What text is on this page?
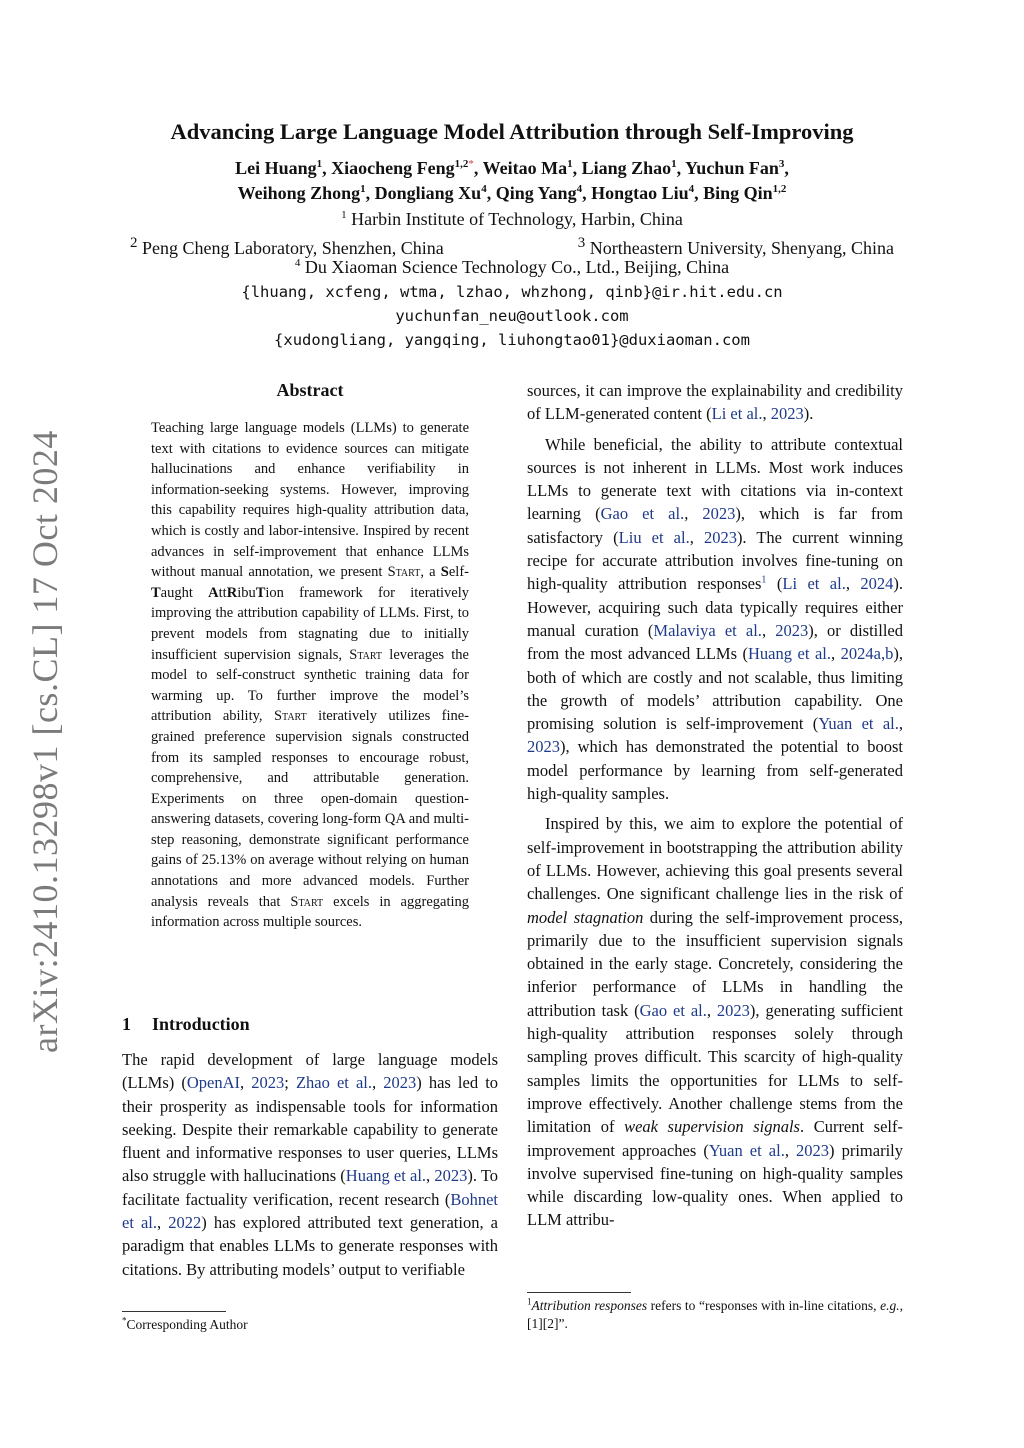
arXiv:2410.13298v1 [cs.CL] 17 Oct 2024
Advancing Large Language Model Attribution through Self-Improving
Lei Huang$^1$, Xiaocheng Feng$^{1,2*}$, Weitao Ma$^1$, Liang Zhao$^1$, Yuchun Fan$^3$,
Weihong Zhong$^1$, Dongliang Xu$^4$, Qing Yang$^4$, Hongtao Liu$^4$, Bing Qin$^{1,2}$
$^1$ Harbin Institute of Technology, Harbin, China
$^2$ Peng Cheng Laboratory, Shenzhen, China	$^3$ Northeastern University, Shenyang, China
$^4$ Du Xiaoman Science Technology Co., Ltd., Beijing, China
{lhuang, xcfeng, wtma, lzhao, whzhong, qinb}@ir.hit.edu.cn
yuchunfan_neu@outlook.com
{xudongliang, yangqing, liuhongtao01}@duxiaoman.com
Abstract
Teaching large language models (LLMs) to generate text with citations to evidence sources can mitigate hallucinations and enhance verifiability in information-seeking systems. However, improving this capability requires high-quality attribution data, which is costly and labor-intensive. Inspired by recent advances in self-improvement that enhance LLMs without manual annotation, we present Start, a Self-Taught AttRibuTion framework for iteratively improving the attribution capability of LLMs. First, to prevent models from stagnating due to initially insufficient supervision signals, Start leverages the model to self-construct synthetic training data for warming up. To further improve the model’s attribution ability, Start iteratively utilizes fine-grained preference supervision signals constructed from its sampled responses to encourage robust, comprehensive, and attributable generation. Experiments on three open-domain question-answering datasets, covering long-form QA and multi-step reasoning, demonstrate significant performance gains of 25.13% on average without relying on human annotations and more advanced models. Further analysis reveals that Start excels in aggregating information across multiple sources.
1 Introduction
The rapid development of large language models (LLMs) (OpenAI, 2023; Zhao et al., 2023) has led to their prosperity as indispensable tools for information seeking. Despite their remarkable capability to generate fluent and informative responses to user queries, LLMs also struggle with hallucinations (Huang et al., 2023). To facilitate factuality verification, recent research (Bohnet et al., 2022) has explored attributed text generation, a paradigm that enables LLMs to generate responses with citations. By attributing models’ output to verifiable
*Corresponding Author

sources, it can improve the explainability and credibility of LLM-generated content (Li et al., 2023).

While beneficial, the ability to attribute contextual sources is not inherent in LLMs. Most work induces LLMs to generate text with citations via in-context learning (Gao et al., 2023), which is far from satisfactory (Liu et al., 2023). The current winning recipe for accurate attribution involves fine-tuning on high-quality attribution responses$^1$ (Li et al., 2024). However, acquiring such data typically requires either manual curation (Malaviya et al., 2023), or distilled from the most advanced LLMs (Huang et al., 2024a,b), both of which are costly and not scalable, thus limiting the growth of models’ attribution capability. One promising solution is self-improvement (Yuan et al., 2023), which has demonstrated the potential to boost model performance by learning from self-generated high-quality samples.

Inspired by this, we aim to explore the potential of self-improvement in bootstrapping the attribution ability of LLMs. However, achieving this goal presents several challenges. One significant challenge lies in the risk of model stagnation during the self-improvement process, primarily due to the insufficient supervision signals obtained in the early stage. Concretely, considering the inferior performance of LLMs in handling the attribution task (Gao et al., 2023), generating sufficient high-quality attribution responses solely through sampling proves difficult. This scarcity of high-quality samples limits the opportunities for LLMs to self-improve effectively. Another challenge stems from the limitation of weak supervision signals. Current self-improvement approaches (Yuan et al., 2023) primarily involve supervised fine-tuning on high-quality samples while discarding low-quality ones. When applied to LLM attribu-

$^1$Attribution responses refers to “responses with in-line citations, e.g., [1][2]”.
